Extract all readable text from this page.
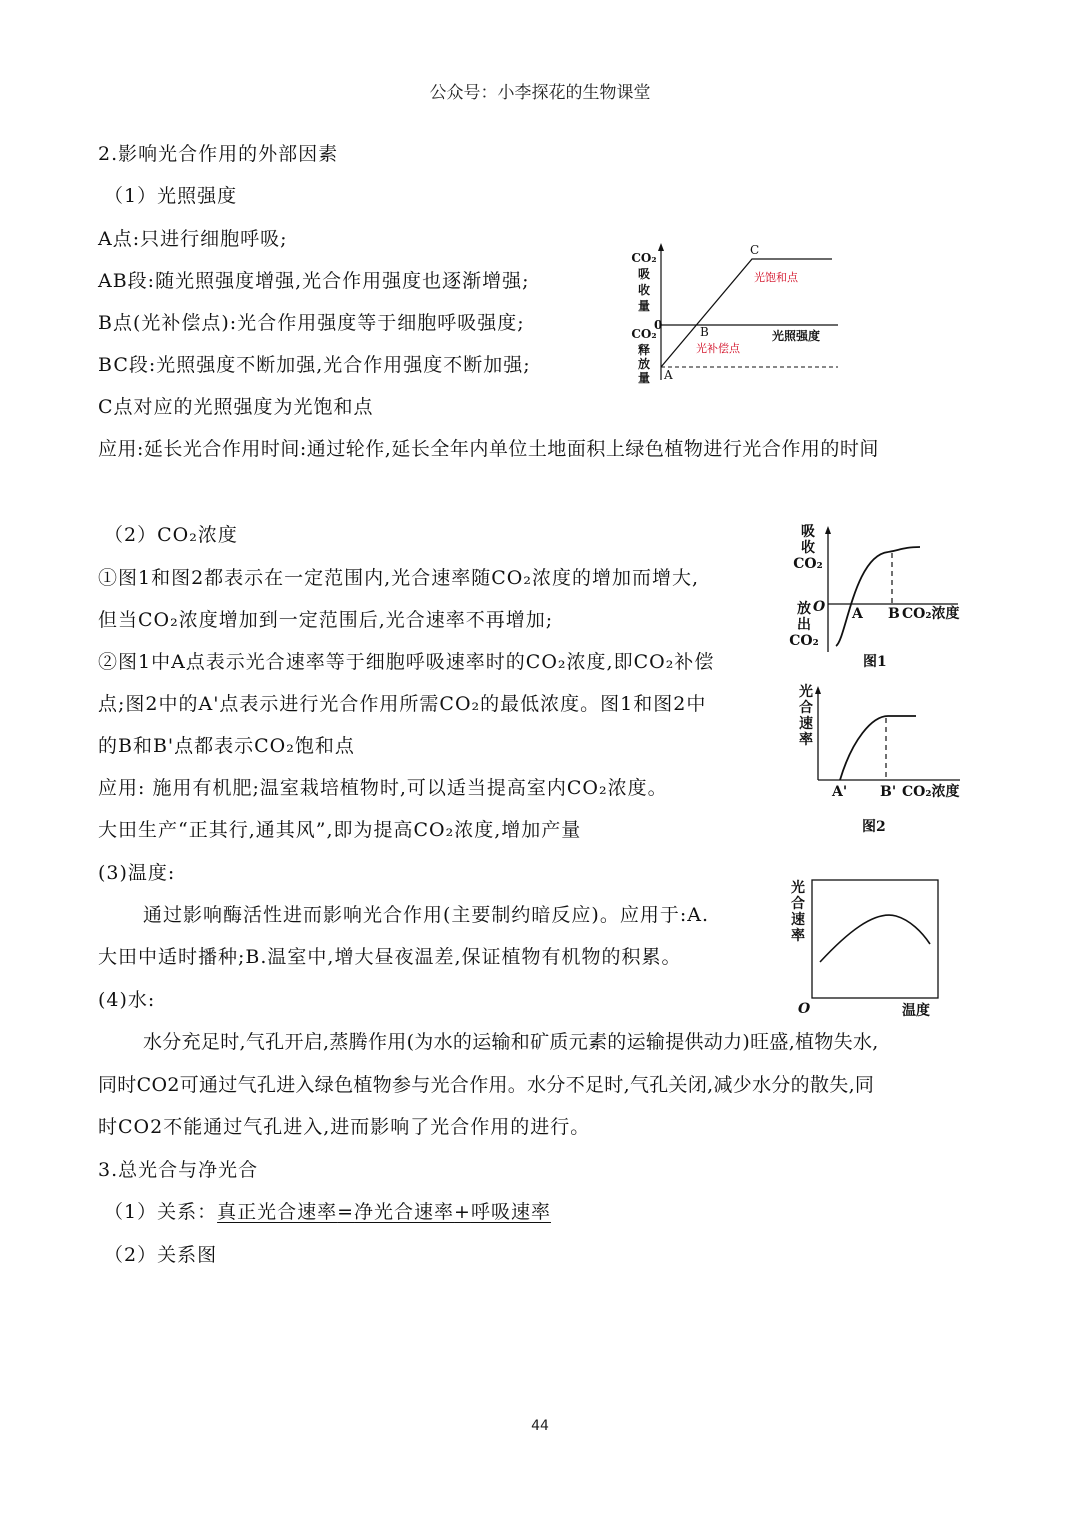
公众号：小李探花的生物课堂
2.影响光合作用的外部因素
（1）光照强度
A点:只进行细胞呼吸;
AB段:随光照强度增强,光合作用强度也逐渐增强;
B点(光补偿点):光合作用强度等于细胞呼吸强度;
BC段:光照强度不断加强,光合作用强度不断加强;
C点对应的光照强度为光饱和点
应用:延长光合作用时间:通过轮作,延长全年内单位土地面积上绿色植物进行光合作用的时间
（2）CO₂浓度
①图1和图2都表示在一定范围内,光合速率随CO₂浓度的增加而增大,
但当CO₂浓度增加到一定范围后,光合速率不再增加;
②图1中A点表示光合速率等于细胞呼吸速率时的CO₂浓度,即CO₂补偿
点;图2中的A'点表示进行光合作用所需CO₂的最低浓度。图1和图2中
的B和B'点都表示CO₂饱和点
应用: 施用有机肥;温室栽培植物时,可以适当提高室内CO₂浓度。
大田生产“正其行,通其风”,即为提高CO₂浓度,增加产量
(3)温度:
通过影响酶活性进而影响光合作用(主要制约暗反应)。应用于:A.
大田中适时播种;B.温室中,增大昼夜温差,保证植物有机物的积累。
(4)水:
水分充足时,气孔开启,蒸腾作用(为水的运输和矿质元素的运输提供动力)旺盛,植物失水,
同时CO2可通过气孔进入绿色植物参与光合作用。水分不足时,气孔关闭,减少水分的散失,同
时CO2不能通过气孔进入,进而影响了光合作用的进行。
3.总光合与净光合
（1）关系：真正光合速率=净光合速率+呼吸速率
（2）关系图
44
CO₂
吸
收
量
CO₂
释
放
量
0
A
B
C
光照强度
光饱和点
光补偿点
吸
收
CO₂
放
出
CO₂
O A B CO₂浓度
图1
光
合
速
率
A' B' CO₂浓度
图2
光
合
速
率
O	温度
